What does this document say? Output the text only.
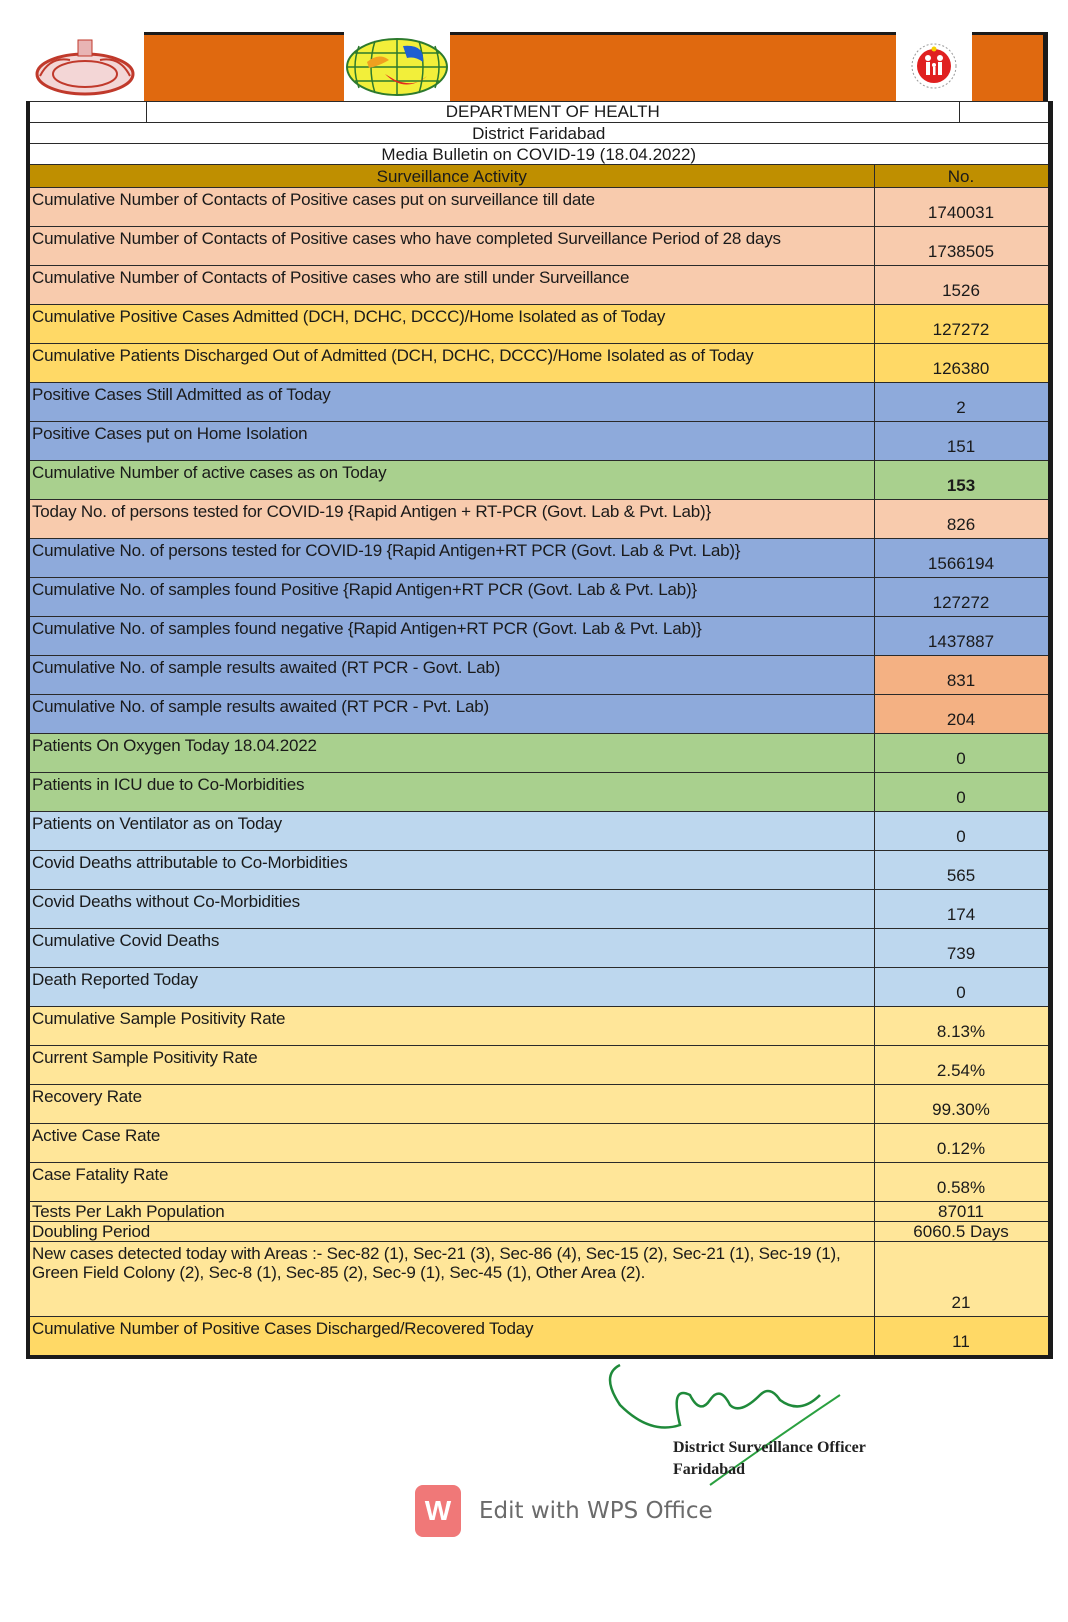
DEPARTMENT OF HEALTH	

District Faridabad	
Media Bulletin on COVID-19 (18.04.2022)	
Surveillance Activity	No.
Cumulative Number of Contacts of Positive cases put on surveillance till date	1740031
Cumulative Number of Contacts of Positive cases who have completed Surveillance Period of 28 days	1738505
Cumulative Number of Contacts of Positive cases who are still under Surveillance	1526
Cumulative Positive Cases Admitted (DCH, DCHC, DCCC)/Home Isolated as of Today	127272
Cumulative Patients Discharged Out of Admitted (DCH, DCHC, DCCC)/Home Isolated as of Today	126380
Positive Cases Still Admitted as of Today	2
Positive Cases put on Home Isolation	151
Cumulative Number of active cases as on Today	153
Today No. of persons tested for COVID-19 {Rapid Antigen + RT-PCR (Govt. Lab & Pvt. Lab)}	826
Cumulative No. of persons tested for COVID-19 {Rapid Antigen+RT PCR (Govt. Lab & Pvt. Lab)}	1566194
Cumulative No. of samples found Positive {Rapid Antigen+RT PCR (Govt. Lab & Pvt. Lab)}	127272
Cumulative No. of samples found negative {Rapid Antigen+RT PCR (Govt. Lab & Pvt. Lab)}	1437887
Cumulative No. of sample results awaited (RT PCR - Govt. Lab)	831
Cumulative No. of sample results awaited (RT PCR - Pvt. Lab)	204
Patients On Oxygen Today 18.04.2022	0
Patients in ICU due to Co-Morbidities	0
Patients on Ventilator as on Today	0
Covid Deaths attributable to Co-Morbidities	565
Covid Deaths without Co-Morbidities	174
Cumulative Covid Deaths	739
Death Reported Today	0
Cumulative Sample Positivity Rate	8.13%
Current Sample Positivity Rate	2.54%
Recovery Rate	99.30%
Active Case Rate	0.12%
Case Fatality Rate	0.58%
Tests Per Lakh Population	87011
Doubling Period	6060.5 Days
New cases detected today with Areas :- Sec-82 (1), Sec-21 (3), Sec-86 (4), Sec-15 (2), Sec-21 (1), Sec-19 (1), Green Field Colony (2), Sec-8 (1), Sec-85 (2), Sec-9 (1), Sec-45 (1), Other Area (2).	21
Cumulative Number of Positive Cases Discharged/Recovered Today	11
District Surveillance Officer
Faridabad
W	Edit with WPS Office
